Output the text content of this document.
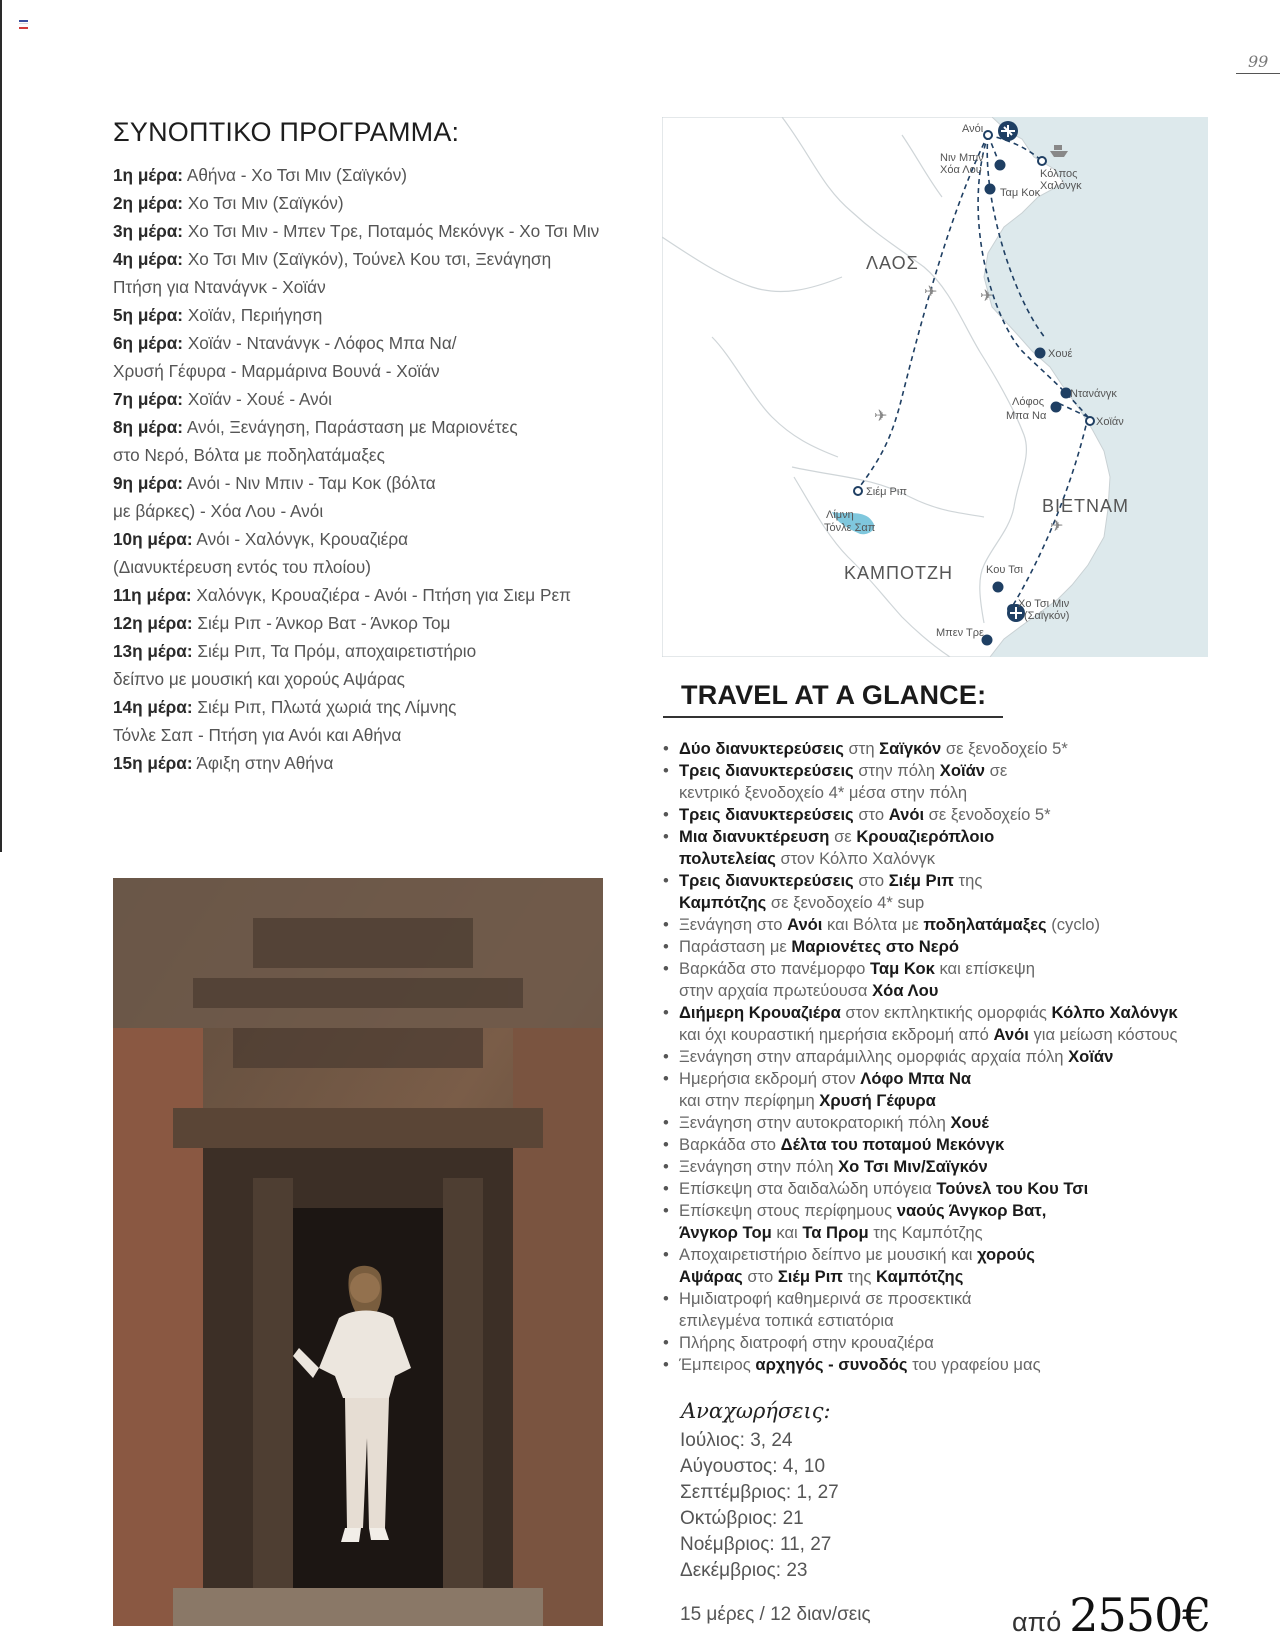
99
ΣΥΝΟΠΤΙΚΟ ΠΡΟΓΡΑΜΜΑ:
1η μέρα: Αθήνα - Χο Τσι Μιν (Σαϊγκόν)
2η μέρα: Χο Τσι Μιν (Σαϊγκόν)
3η μέρα: Χο Τσι Μιν - Μπεν Τρε, Ποταμός Μεκόνγκ - Χο Τσι Μιν
4η μέρα: Χο Τσι Μιν (Σαϊγκόν), Τούνελ Κου τσι, Ξενάγηση
Πτήση για Ντανάγνκ - Χοϊάν
5η μέρα: Χοϊάν, Περιήγηση
6η μέρα: Χοϊάν - Ντανάνγκ - Λόφος Μπα Να/
Χρυσή Γέφυρα - Μαρμάρινα Βουνά - Χοϊάν
7η μέρα: Χοϊάν - Χουέ - Ανόι
8η μέρα: Ανόι, Ξενάγηση, Παράσταση με Μαριονέτες
στο Νερό, Βόλτα με ποδηλατάμαξες
9η μέρα: Ανόι - Νιν Μπιν - Ταμ Κοκ (βόλτα
με βάρκες) - Χόα Λου - Ανόι
10η μέρα: Ανόι - Χαλόνγκ, Κρουαζιέρα
(Διανυκτέρευση εντός του πλοίου)
11η μέρα: Χαλόνγκ, Κρουαζιέρα - Ανόι - Πτήση για Σιεμ Ρεπ
12η μέρα: Σιέμ Ριπ - Άνκορ Βατ - Άνκορ Τομ
13η μέρα: Σιέμ Ριπ, Τα Πρόμ, αποχαιρετιστήριο
δείπνο με μουσική και χορούς Αψάρας
14η μέρα: Σιέμ Ριπ, Πλωτά χωριά της Λίμνης
Τόνλε Σαπ - Πτήση για Ανόι και Αθήνα
15η μέρα: Άφιξη στην Αθήνα
ΛΑΟΣ
ΒΙΕΤΝΑΜ
ΚΑΜΠΟΤΖΗ
✈	✈
✈
✈
Ανόι
Νιν Μπιν
Χόα Λου
Ταμ Κοκ
Κόλπος
Χαλόνγκ
Χουέ
Ντανάνγκ
Λόφος
Μπα Να	Χοϊάν
Σιέμ Ριπ
Λίμνη
Τόνλε Σαπ
Κου Τσι
Χο Τσι Μιν
(Σαϊγκόν)
Μπεν Τρε
TRAVEL AT A GLANCE:
• Δύο διανυκτερεύσεις στη Σαϊγκόν σε ξενοδοχείο 5*
• Τρεις διανυκτερεύσεις στην πόλη Χοϊάν σε
κεντρικό ξενοδοχείο 4* μέσα στην πόλη
• Τρεις διανυκτερεύσεις στο Ανόι σε ξενοδοχείο 5*
• Μια διανυκτέρευση σε Κρουαζιερόπλοιο
πολυτελείας στον Κόλπο Χαλόνγκ
• Τρεις διανυκτερεύσεις στο Σιέμ Ριπ της
Καμπότζης σε ξενοδοχείο 4* sup
• Ξενάγηση στο Ανόι και Βόλτα με ποδηλατάμαξες (cyclo)
• Παράσταση με Μαριονέτες στο Νερό
• Βαρκάδα στο πανέμορφο Ταμ Κοκ και επίσκεψη
στην αρχαία πρωτεύουσα Χόα Λου
• Διήμερη Κρουαζιέρα στον εκπληκτικής ομορφιάς Κόλπο Χαλόνγκ
και όχι κουραστική ημερήσια εκδρομή από Ανόι για μείωση κόστους
• Ξενάγηση στην απαράμιλλης ομορφιάς αρχαία πόλη Χοϊάν
• Ημερήσια εκδρομή στον Λόφο Μπα Να
και στην περίφημη Χρυσή Γέφυρα
• Ξενάγηση στην αυτοκρατορική πόλη Χουέ
• Βαρκάδα στο Δέλτα του ποταμού Μεκόνγκ
• Ξενάγηση στην πόλη Χο Τσι Μιν/Σαϊγκόν
• Επίσκεψη στα δαιδαλώδη υπόγεια Τούνελ του Κου Τσι
• Επίσκεψη στους περίφημους ναούς Άνγκορ Βατ,
Άνγκορ Τομ και Τα Προμ της Καμπότζης
• Αποχαιρετιστήριο δείπνο με μουσική και χορούς
Αψάρας στο Σιέμ Ριπ της Καμπότζης
• Ημιδιατροφή καθημερινά σε προσεκτικά
επιλεγμένα τοπικά εστιατόρια
• Πλήρης διατροφή στην κρουαζιέρα
• Έμπειρος αρχηγός - συνοδός του γραφείου μας
Αναχωρήσεις:
Ιούλιος: 3, 24
Αύγουστος: 4, 10
Σεπτέμβριος: 1, 27
Οκτώβριος: 21
Νοέμβριος: 11, 27
Δεκέμβριος: 23
15 μέρες / 12 διαν/σεις	από 2550€
